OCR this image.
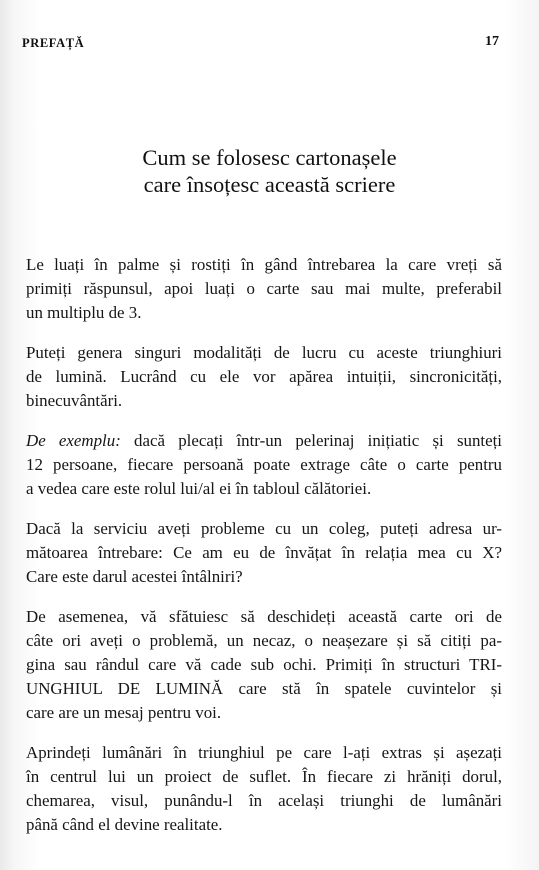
PREFAȚĂ	17
Cum se folosesc cartonașele
care însoțesc această scriere

Le luați în palme și rostiți în gând întrebarea la care vreți să
primiți răspunsul, apoi luați o carte sau mai multe, preferabil
un multiplu de 3.

Puteți genera singuri modalități de lucru cu aceste triunghiuri
de lumină. Lucrând cu ele vor apărea intuiții, sincronicități,
binecuvântări.

De exemplu: dacă plecați într-un pelerinaj inițiatic și sunteți
12 persoane, fiecare persoană poate extrage câte o carte pentru
a vedea care este rolul lui/al ei în tabloul călătoriei.

Dacă la serviciu aveți probleme cu un coleg, puteți adresa ur-
mătoarea întrebare: Ce am eu de învățat în relația mea cu X?
Care este darul acestei întâlniri?

De asemenea, vă sfătuiesc să deschideți această carte ori de
câte ori aveți o problemă, un necaz, o neașezare și să citiți pa-
gina sau rândul care vă cade sub ochi. Primiți în structuri TRI-
UNGHIUL DE LUMINĂ care stă în spatele cuvintelor și
care are un mesaj pentru voi.

Aprindeți lumânări în triunghiul pe care l-ați extras și așezați
în centrul lui un proiect de suflet. În fiecare zi hrăniți dorul,
chemarea, visul, punându-l în același triunghi de lumânări
până când el devine realitate.
